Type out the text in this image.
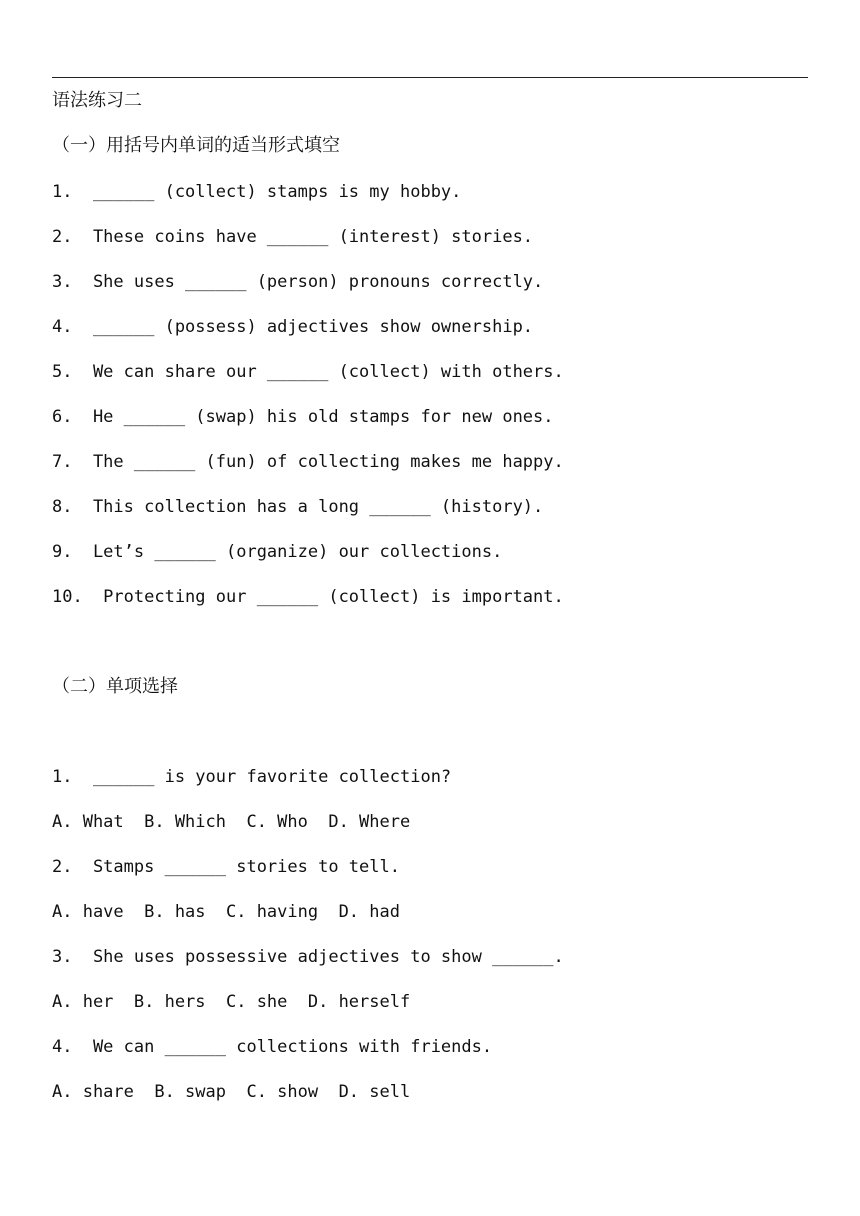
语法练习二
（一）用括号内单词的适当形式填空
1.  ______ (collect) stamps is my hobby.
2.  These coins have ______ (interest) stories.
3.  She uses ______ (person) pronouns correctly.
4.  ______ (possess) adjectives show ownership.
5.  We can share our ______ (collect) with others.
6.  He ______ (swap) his old stamps for new ones.
7.  The ______ (fun) of collecting makes me happy.
8.  This collection has a long ______ (history).
9.  Let’s ______ (organize) our collections.
10.  Protecting our ______ (collect) is important.
（二）单项选择
1.  ______ is your favorite collection?
A. What  B. Which  C. Who  D. Where
2.  Stamps ______ stories to tell.
A. have  B. has  C. having  D. had
3.  She uses possessive adjectives to show ______.
A. her  B. hers  C. she  D. herself
4.  We can ______ collections with friends.
A. share  B. swap  C. show  D. sell
